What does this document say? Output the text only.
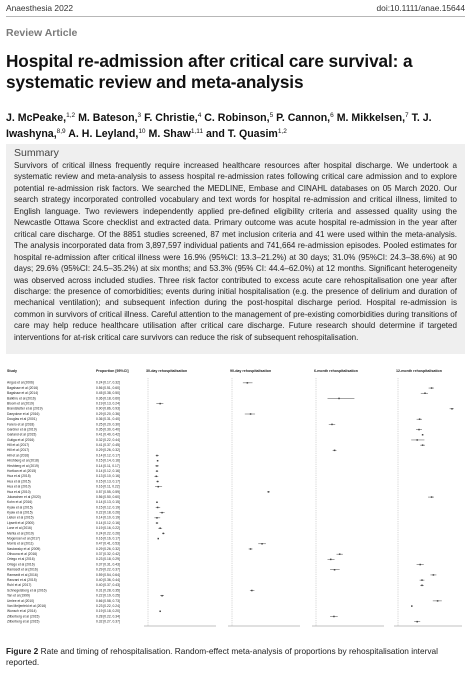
Anaesthesia 2022	doi:10.1111/anae.15644
Review Article
Hospital re-admission after critical care survival: a systematic review and meta-analysis
J. McPeake,$^{1,2}$ M. Bateson,$^3$ F. Christie,$^4$ C. Robinson,$^5$ P. Cannon,$^6$ M. Mikkelsen,$^7$ T. J. Iwashyna,$^{8,9}$ A. H. Leyland,$^{10}$ M. Shaw$^{1,11}$ and T. Quasim$^{1,2}$
Summary

Survivors of critical illness frequently require increased healthcare resources after hospital discharge. We undertook a systematic review and meta-analysis to assess hospital re-admission rates following critical care admission and to explore potential re-admission risk factors. We searched the MEDLINE, Embase and CINAHL databases on 05 March 2020. Our search strategy incorporated controlled vocabulary and text words for hospital re-admission and critical illness, limited to English language. Two reviewers independently applied pre-defined eligibility criteria and assessed quality using the Newcastle Ottawa Score checklist and extracted data. Primary outcome was acute hospital re-admission in the year after critical care discharge. Of the 8851 studies screened, 87 met inclusion criteria and 41 were used within the meta-analysis. The analysis incorporated data from 3,897,597 individual patients and 741,664 re-admission episodes. Pooled estimates for hospital re-admission after critical illness were 16.9% (95%CI: 13.3–21.2%) at 30 days; 31.0% (95%CI: 24.3–38.6%) at 90 days; 29.6% (95%CI: 24.5–35.2%) at six months; and 53.3% (95% CI: 44.4–62.0%) at 12 months. Significant heterogeneity was observed across included studies. Three risk factor contributed to excess acute care rehospitalisation one year after discharge: the presence of comorbidities; events during initial hospitalisation (e.g. the presence of delirium and duration of mechanical ventilation); and subsequent infection during the post-hospital discharge period. Hospital re-admission is common in survivors of critical illness. Careful attention to the management of pre-existing comorbidities during transitions of care may help reduce healthcare utilisation after critical care discharge. Future research should determine if targeted interventions for at-risk critical care survivors can reduce the risk of subsequent rehospitalisation.

Study	Proportion [95%CI]	30-day rehospitalisation	90-day rehospitalisation	6-month rehospitalisation	12-month rehospitalisation
Angus et al (2006)	0.24 [0.17, 0.32]
Bagshaw et al (2016)	0.56 [0.51, 0.60]
Bagshaw et al (2014)	0.45 [0.38, 0.50]
Balkhru et al (2016)	0.36 [0.18, 0.60]
Bloom et al (2019)	0.19 [0.13, 0.24]
Brandstetter et al (2019)	0.90 [0.86, 0.93]
Daeydove et al (2016)	0.29 [0.20, 0.36]
Douglas et al (2001)	0.36 [0.31, 0.40]
Farero et al (2018)	0.25 [0.20, 0.30]
Gardner et al (2019)	0.35 [0.30, 0.40]
Garland et al (2015)	0.41 [0.40, 0.42]
Gutiga et al (2016)	0.32 [0.22, 0.44]
Hill et al (2017)	0.41 [0.37, 0.45]
Hill et al (2017)	0.29 [0.26, 0.32]
Hill et al (2016)	0.14 [0.12, 0.17]
Hirshberg et al (2018)	0.15 [0.14, 0.16]
Hirshberg et al (2019)	0.14 [0.11, 0.17]
Hortkan et al (2015)	0.14 [0.12, 0.16]
Hua et al (2015)	0.13 [0.10, 0.16]
Hua et al (2015)	0.15 [0.13, 0.17]
Hua et al (2010)	0.16 [0.11, 0.22]
Hua et al (2010)	0.57 [0.55, 0.59]
Jukarainen et al (2020)	0.56 [0.50, 0.60]
Kohn et al (2016)	0.14 [0.13, 0.15]
Kyaw et al (2015)	0.15 [0.12, 0.19]
Kyaw et al (2015)	0.22 [0.18, 0.26]
Lieten et al (2015)	0.14 [0.10, 0.19]
Lipsett et al (2000)	0.14 [0.12, 0.16]
Lone et al (2016)	0.19 [0.16, 0.22]
Mehta et al (2019)	0.24 [0.22, 0.26]
Mogensen et al (2017)	0.16 [0.16, 0.17]
Morris et al (2011)	0.47 [0.41, 0.53]
Nasiowsky et al (2009)	0.29 [0.26, 0.32]
Othouna et al (2016)	0.37 [0.32, 0.42]
Ortego et al (2016)	0.23 [0.18, 0.29]
Ortego et al (2016)	0.37 [0.31, 0.43]
Ramsedt et al (2016)	0.29 [0.22, 0.37]
Ramsedt et al (2016)	0.59 [0.54, 0.64]
Ranzani et al (2015)	0.40 [0.36, 0.44]
Ruhl et al (2017)	0.40 [0.37, 0.43]
Schnegelsberg et al (2016)	0.31 [0.28, 0.35]
Tan et al (1999)	0.22 [0.19, 0.25]
Umlee et al (2010)	0.66 [0.58, 0.73]
Van Meijenfeld et al (2016)	0.23 [0.22, 0.24]
Wunsch et al (2014)	0.19 [0.18, 0.20]
Zilberberg et al (2015)	0.28 [0.22, 0.34]
Zilberberg et al (2015)	0.32 [0.27, 0.37]
Figure 2 Rate and timing of rehospitalisation. Random-effect meta-analysis of proportions by rehospitalisation interval reported.
